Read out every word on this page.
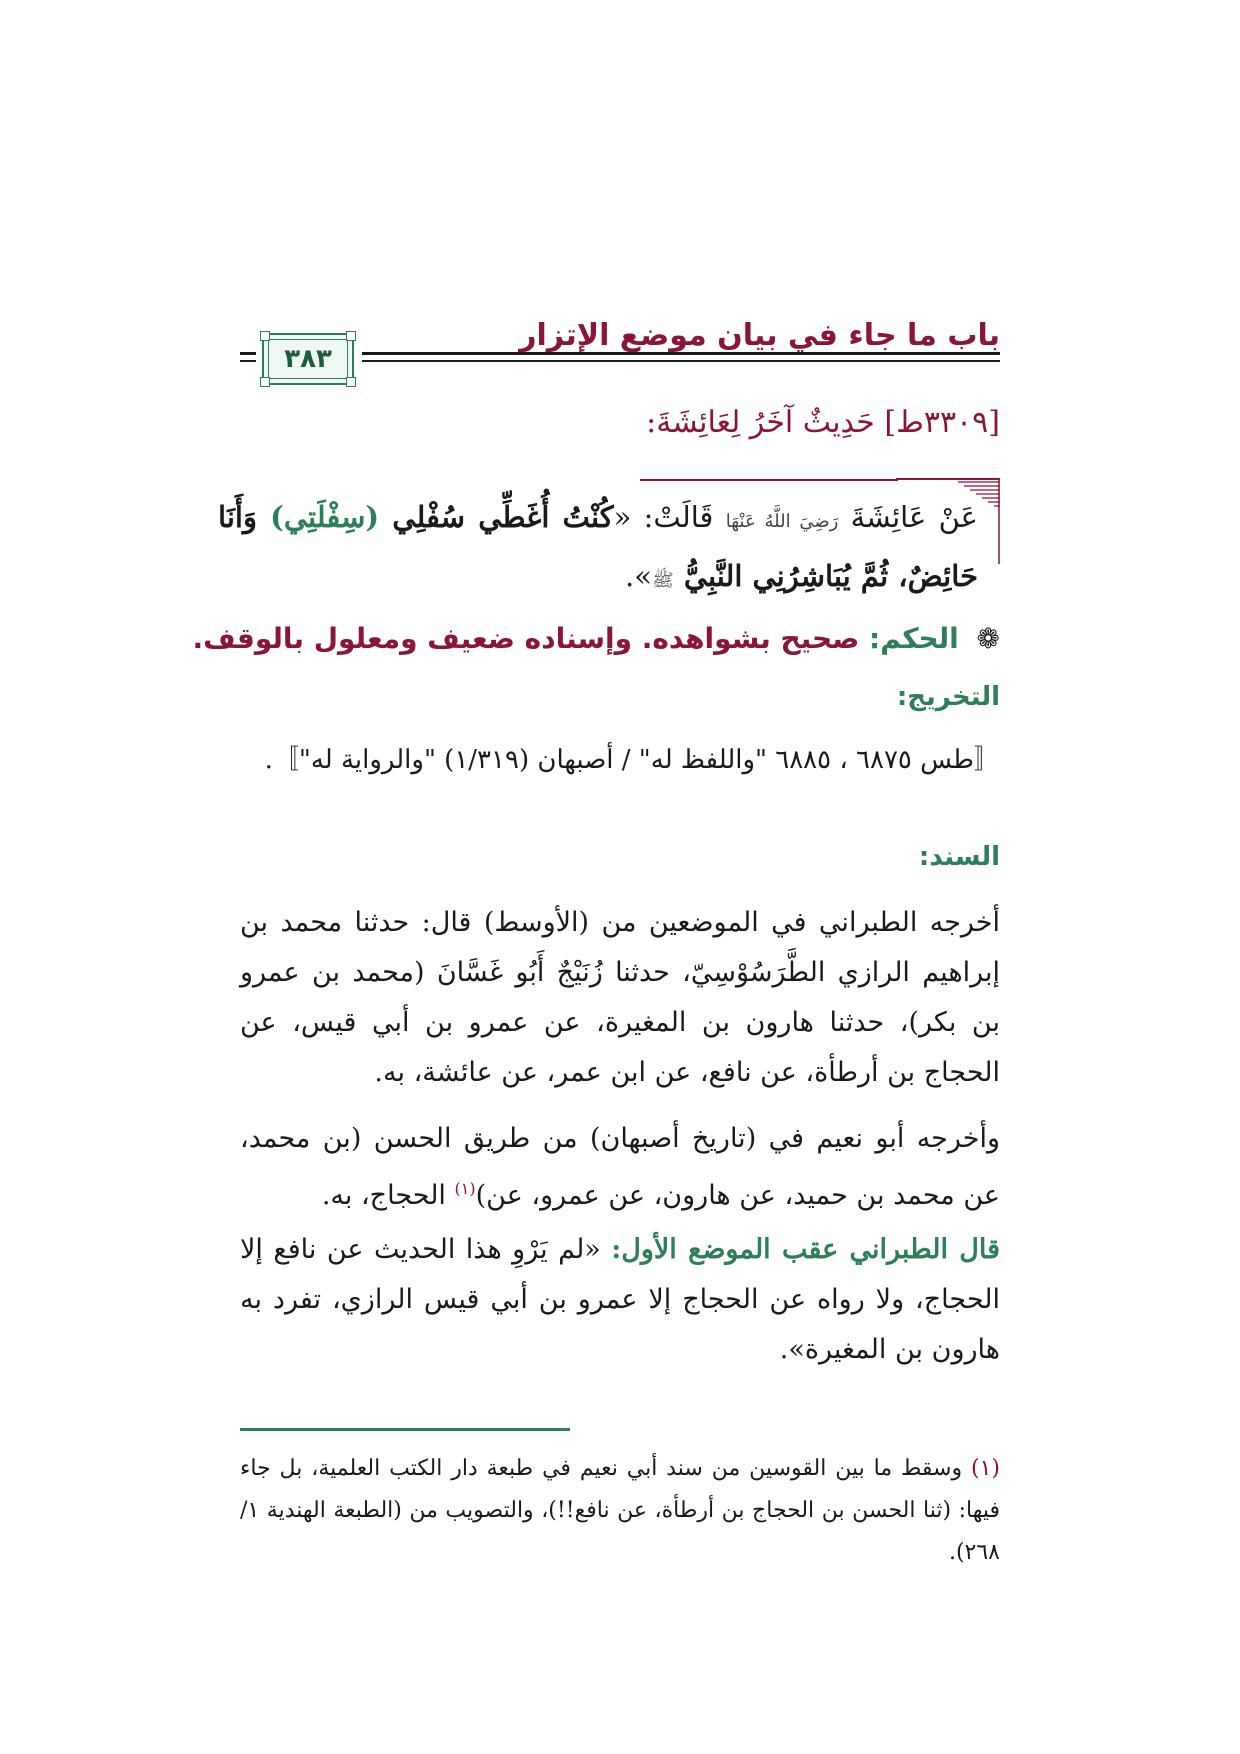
باب ما جاء في بيان موضع الإتزار
٣٨٣
[٣٣٠٩ط] حَدِيثٌ آخَرُ لِعَائِشَةَ:
عَنْ عَائِشَةَ رَضِيَ اللَّهُ عَنْهَا قَالَتْ: «كُنْتُ أُغَطِّي سُفْلِي (سِفْلَتِي) وَأَنَا حَائِضٌ، ثُمَّ يُبَاشِرُنِي النَّبِيُّ ﷺ».
❁ الحكم: صحيح بشواهده. وإسناده ضعيف ومعلول بالوقف.
التخريج:
〚طس ٦٨٧٥ ، ٦٨٨٥ "واللفظ له" / أصبهان (١/٣١٩) "والرواية له"〛.
السند:
أخرجه الطبراني في الموضعين من (الأوسط) قال: حدثنا محمد بن إبراهيم الرازي الطَّرَسُوْسِيّ، حدثنا زُنَيْجٌ أَبُو غَسَّانَ (محمد بن عمرو بن بكر)، حدثنا هارون بن المغيرة، عن عمرو بن أبي قيس، عن الحجاج بن أرطأة، عن نافع، عن ابن عمر، عن عائشة، به.
وأخرجه أبو نعيم في (تاريخ أصبهان) من طريق الحسن (بن محمد، عن محمد بن حميد، عن هارون، عن عمرو، عن)$^{(١)}$ الحجاج، به.
قال الطبراني عقب الموضع الأول: «لم يَرْوِ هذا الحديث عن نافع إلا الحجاج، ولا رواه عن الحجاج إلا عمرو بن أبي قيس الرازي، تفرد به هارون بن المغيرة».
(١) وسقط ما بين القوسين من سند أبي نعيم في طبعة دار الكتب العلمية، بل جاء فيها: (ثنا الحسن بن الحجاج بن أرطأة، عن نافع!!)، والتصويب من (الطبعة الهندية ١/ ٢٦٨).
